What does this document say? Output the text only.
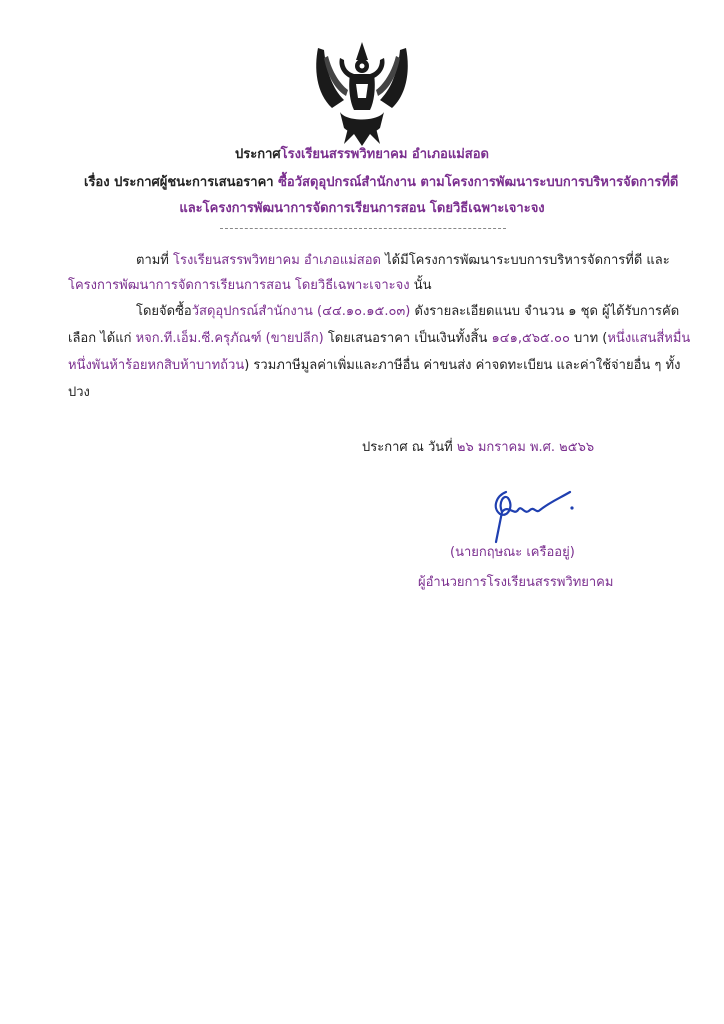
ประกาศโรงเรียนสรรพวิทยาคม อำเภอแม่สอด
เรื่อง ประกาศผู้ชนะการเสนอราคา ซื้อวัสดุอุปกรณ์สำนักงาน ตามโครงการพัฒนาระบบการบริหารจัดการที่ดี
และโครงการพัฒนาการจัดการเรียนการสอน โดยวิธีเฉพาะเจาะจง
ตามที่ โรงเรียนสรรพวิทยาคม อำเภอแม่สอด ได้มีโครงการพัฒนาระบบการบริหารจัดการที่ดี และ
โครงการพัฒนาการจัดการเรียนการสอน โดยวิธีเฉพาะเจาะจง นั้น
โดยจัดซื้อวัสดุอุปกรณ์สำนักงาน (๔๔.๑๐.๑๕.๐๓) ดังรายละเอียดแนบ จำนวน ๑ ชุด ผู้ได้รับการคัด
เลือก ได้แก่ หจก.ที.เอ็ม.ซี.ครุภัณฑ์ (ขายปลีก) โดยเสนอราคา เป็นเงินทั้งสิ้น ๑๔๑,๕๖๕.๐๐ บาท (หนึ่งแสนสี่หมื่น
หนึ่งพันห้าร้อยหกสิบห้าบาทถ้วน) รวมภาษีมูลค่าเพิ่มและภาษีอื่น ค่าขนส่ง ค่าจดทะเบียน และค่าใช้จ่ายอื่น ๆ ทั้ง
ปวง
ประกาศ ณ วันที่ ๒๖ มกราคม พ.ศ. ๒๕๖๖
(นายกฤษณะ เครืออยู่)
ผู้อำนวยการโรงเรียนสรรพวิทยาคม
